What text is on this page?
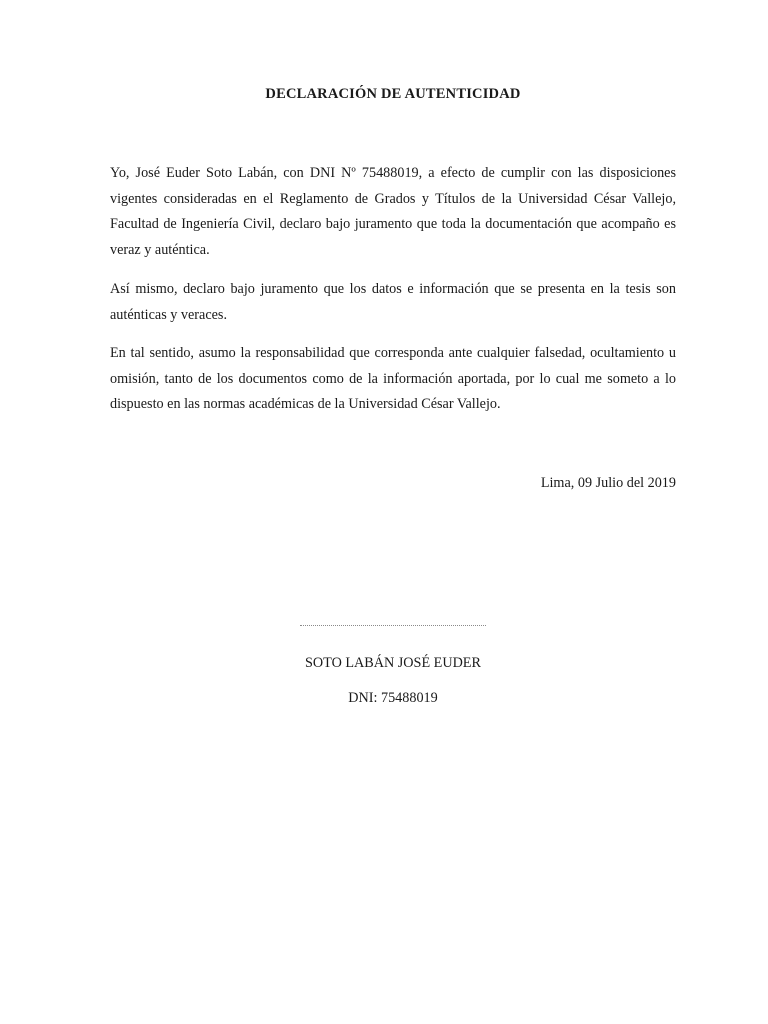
DECLARACIÓN DE AUTENTICIDAD
Yo, José Euder Soto Labán, con DNI Nº 75488019, a efecto de cumplir con las disposiciones vigentes consideradas en el Reglamento de Grados y Títulos de la Universidad César Vallejo, Facultad de Ingeniería Civil, declaro bajo juramento que toda la documentación que acompaño es veraz y auténtica.
Así mismo, declaro bajo juramento que los datos e información que se presenta en la tesis son auténticas y veraces.
En tal sentido, asumo la responsabilidad que corresponda ante cualquier falsedad, ocultamiento u omisión, tanto de los documentos como de la información aportada, por lo cual me someto a lo dispuesto en las normas académicas de la Universidad César Vallejo.
Lima, 09 Julio del 2019
SOTO LABÁN JOSÉ EUDER
DNI: 75488019
